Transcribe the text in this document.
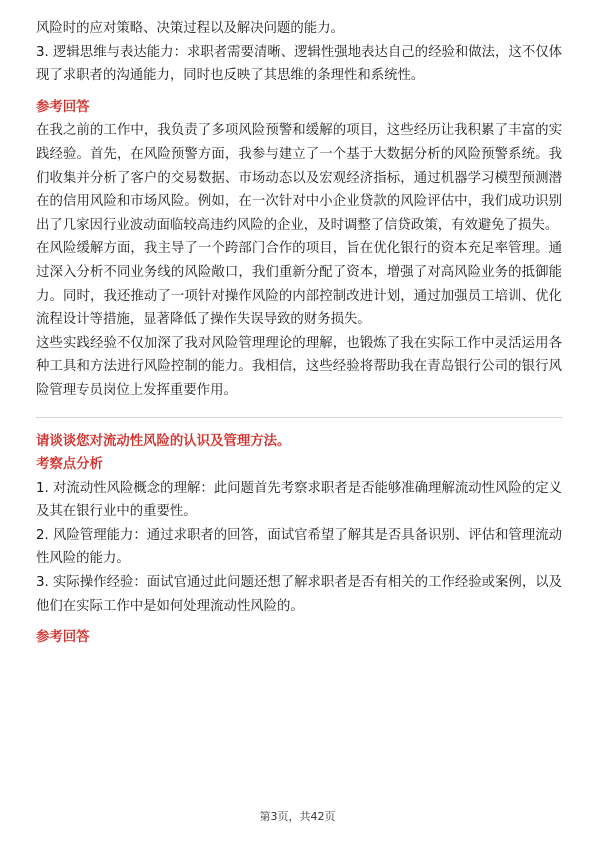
风险时的应对策略、决策过程以及解决问题的能力。

3. 逻辑思维与表达能力：求职者需要清晰、逻辑性强地表达自己的经验和做法，这不仅体现了求职者的沟通能力，同时也反映了其思维的条理性和系统性。

参考回答

在我之前的工作中，我负责了多项风险预警和缓解的项目，这些经历让我积累了丰富的实践经验。首先，在风险预警方面，我参与建立了一个基于大数据分析的风险预警系统。我们收集并分析了客户的交易数据、市场动态以及宏观经济指标，通过机器学习模型预测潜在的信用风险和市场风险。例如，在一次针对中小企业贷款的风险评估中，我们成功识别出了几家因行业波动面临较高违约风险的企业，及时调整了信贷政策，有效避免了损失。

在风险缓解方面，我主导了一个跨部门合作的项目，旨在优化银行的资本充足率管理。通过深入分析不同业务线的风险敞口，我们重新分配了资本，增强了对高风险业务的抵御能力。同时，我还推动了一项针对操作风险的内部控制改进计划，通过加强员工培训、优化流程设计等措施，显著降低了操作失误导致的财务损失。

这些实践经验不仅加深了我对风险管理理论的理解，也锻炼了我在实际工作中灵活运用各种工具和方法进行风险控制的能力。我相信，这些经验将帮助我在青岛银行公司的银行风险管理专员岗位上发挥重要作用。

请谈谈您对流动性风险的认识及管理方法。
考察点分析

1. 对流动性风险概念的理解：此问题首先考察求职者是否能够准确理解流动性风险的定义及其在银行业中的重要性。

2. 风险管理能力：通过求职者的回答，面试官希望了解其是否具备识别、评估和管理流动性风险的能力。

3. 实际操作经验：面试官通过此问题还想了解求职者是否有相关的工作经验或案例，以及他们在实际工作中是如何处理流动性风险的。

参考回答
第3页，共42页
